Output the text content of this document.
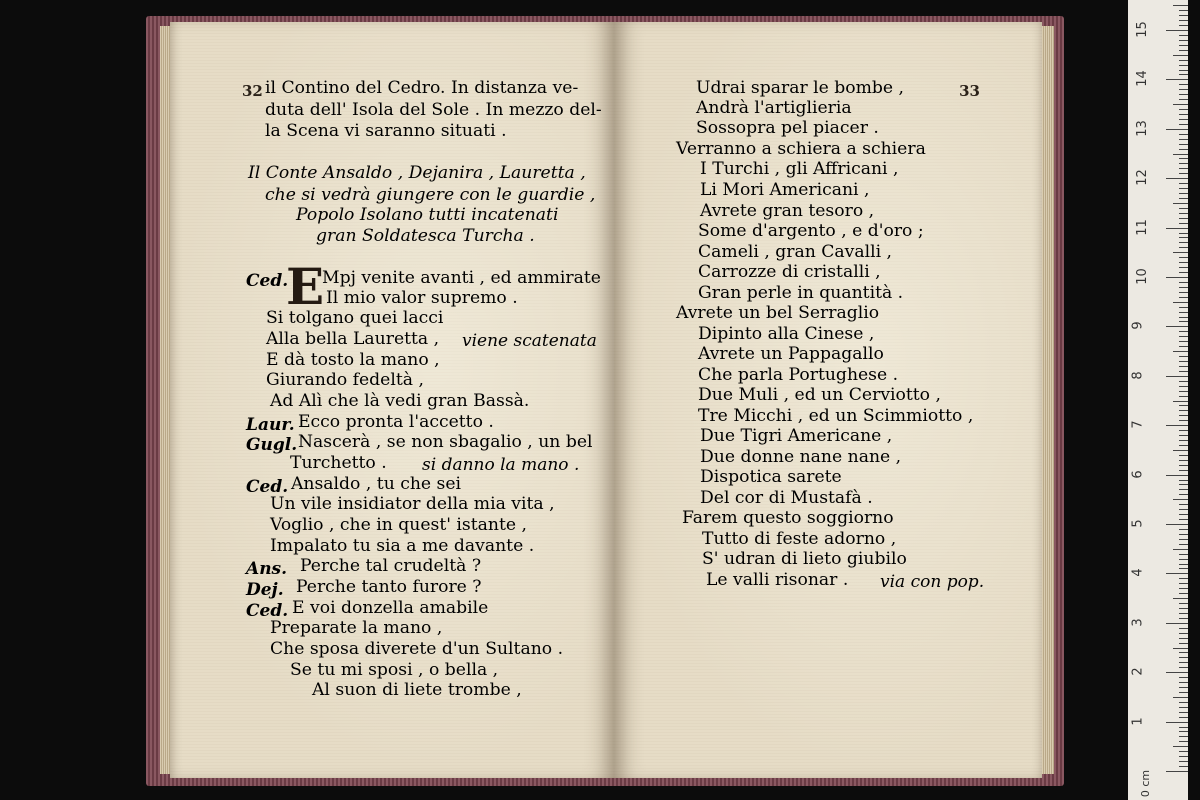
32	33
il Contino del Cedro. In distanza ve-
duta dell' Isola del Sole . In mezzo del-
la Scena vi saranno situati .
Il Conte Ansaldo , Dejanira , Lauretta ,
che si vedrà giungere con le guardie ,
Popolo Isolano tutti incatenati
gran Soldatesca Turcha .
Mpj venite avanti , ed ammirate
Il mio valor supremo .
Si tolgano quei lacci
Alla bella Lauretta ,
E dà tosto la mano ,
Giurando fedeltà ,
Ad Alì che là vedi gran Bassà.
Ecco pronta l'accetto .
Nascerà , se non sbagalio , un bel
Turchetto .
Ansaldo , tu che sei
Un vile insidiator della mia vita ,
Voglio , che in quest' istante ,
Impalato tu sia a me davante .
Perche tal crudeltà ?
Perche tanto furore ?
E voi donzella amabile
Preparate la mano ,
Che sposa diverete d'un Sultano .
Se tu mi sposi , o bella ,
Al suon di liete trombe ,
E
Ced.
Laur.
Gugl.
Ced.
Ans.
Dej.
Ced.
viene scatenata
si danno la mano .
Udrai sparar le bombe ,
Andrà l'artiglieria
Sossopra pel piacer .
Verranno a schiera a schiera
I Turchi , gli Affricani ,
Li Mori Americani ,
Avrete gran tesoro ,
Some d'argento , e d'oro ;
Cameli , gran Cavalli ,
Carrozze di cristalli ,
Gran perle in quantità .
Avrete un bel Serraglio
Dipinto alla Cinese ,
Avrete un Pappagallo
Che parla Portughese .
Due Muli , ed un Cerviotto ,
Tre Micchi , ed un Scimmiotto ,
Due Tigri Americane ,
Due donne nane nane ,
Dispotica sarete
Del cor di Mustafà .
Farem questo soggiorno
Tutto di feste adorno ,
S' udran di lieto giubilo
Le valli risonar . via con pop.
0 cm
15
14
13
12
11
10
9
8
7
6
5
4
3
2
1
